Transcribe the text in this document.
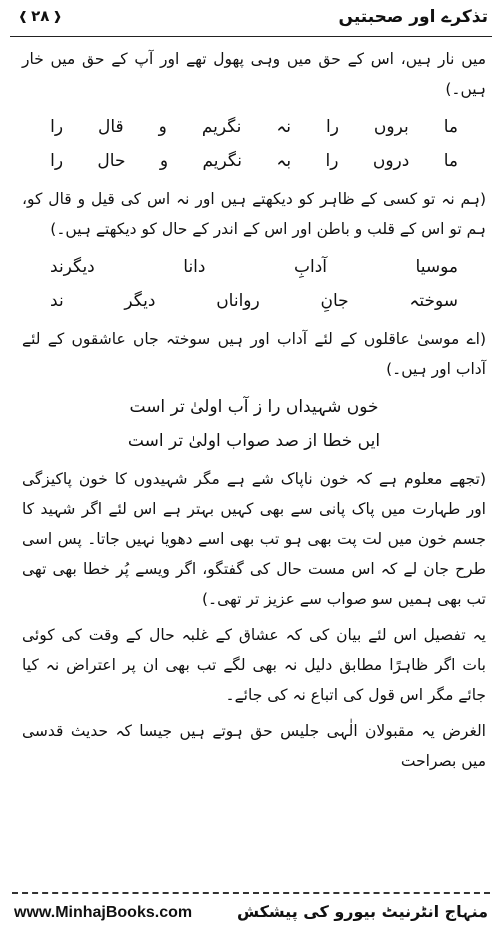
تذکرے اور صحبتیں
❰ ۲۸ ❱

میں نار ہیں، اس کے حق میں وہی پھول تھے اور آپ کے حق میں خار ہیں۔)

ما
بروں
را
نہ
نگریم
و
قال
را
ما
دروں
را
بہ
نگریم
و
حال
را

(ہم نہ تو کسی کے ظاہر کو دیکھتے ہیں اور نہ اس کی قیل و قال کو، ہم تو اس کے قلب و باطن اور اس کے اندر کے حال کو دیکھتے ہیں۔)

موسیا
آدابِ
دانا
دیگرند
سوختہ
جانِ
رواناں
دیگر
ند

(اے موسیٰ عاقلوں کے لئے آداب اور ہیں سوختہ جاں عاشقوں کے لئے آداب اور ہیں۔)

خوں شہیداں را ز آب اولیٰ تر است
ایں خطا از صد صواب اولیٰ تر است

(تجھے معلوم ہے کہ خون ناپاک شے ہے مگر شہیدوں کا خون پاکیزگی اور طہارت میں پاک پانی سے بھی کہیں بہتر ہے اس لئے اگر شہید کا جسم خون میں لت پت بھی ہو تب بھی اسے دھویا نہیں جاتا۔ پس اسی طرح جان لے کہ اس مست حال کی گفتگو، اگر ویسے پُر خطا بھی تھی تب بھی ہمیں سو صواب سے عزیز تر تھی۔)

یہ تفصیل اس لئے بیان کی کہ عشاق کے غلبہ حال کے وقت کی کوئی بات اگر ظاہرًا مطابق دلیل نہ بھی لگے تب بھی ان پر اعتراض نہ کیا جائے مگر اس قول کی اتباع نہ کی جائے۔

الغرض یہ مقبولان الٰہی جلیس حق ہوتے ہیں جیسا کہ حدیث قدسی میں بصراحت

www.MinhajBooks.com	منہاج انٹرنیٹ بیورو کی پیشکش
